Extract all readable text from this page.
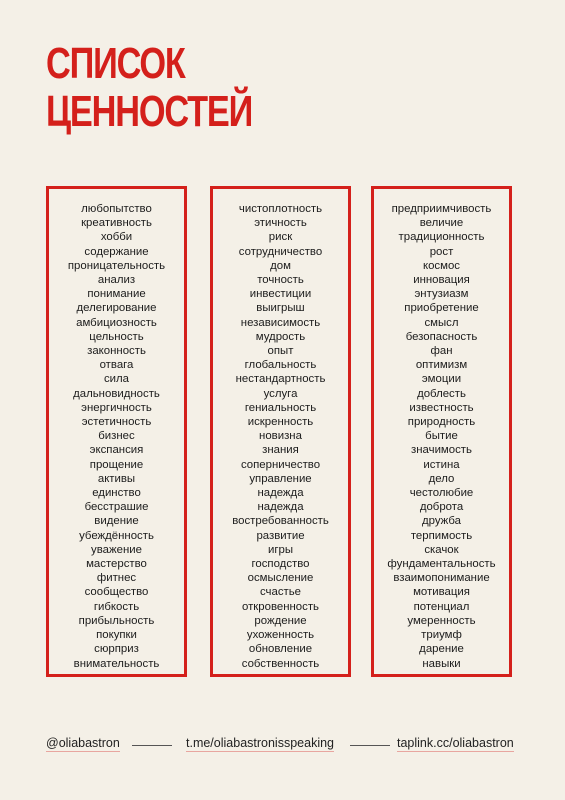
СПИСОК
ЦЕННОСТЕЙ
любопытство
креативность
хобби
содержание
проницательность
анализ
понимание
делегирование
амбициозность
цельность
законность
отвага
сила
дальновидность
энергичность
эстетичность
бизнес
экспансия
прощение
активы
единство
бесстрашие
видение
убеждённость
уважение
мастерство
фитнес
сообщество
гибкость
прибыльность
покупки
сюрприз
внимательность
чистоплотность
этичность
риск
сотрудничество
дом
точность
инвестиции
выигрыш
независимость
мудрость
опыт
глобальность
нестандартность
услуга
гениальность
искренность
новизна
знания
соперничество
управление
надежда
надежда
востребованность
развитие
игры
господство
осмысление
счастье
откровенность
рождение
ухоженность
обновление
собственность
предприимчивость
величие
традиционность
рост
космос
инновация
энтузиазм
приобретение
смысл
безопасность
фан
оптимизм
эмоции
доблесть
известность
природность
бытие
значимость
истина
дело
честолюбие
доброта
дружба
терпимость
скачок
фундаментальность
взаимопонимание
мотивация
потенциал
умеренность
триумф
дарение
навыки
@oliabastron	t.me/oliabastronisspeaking	taplink.cc/oliabastron
